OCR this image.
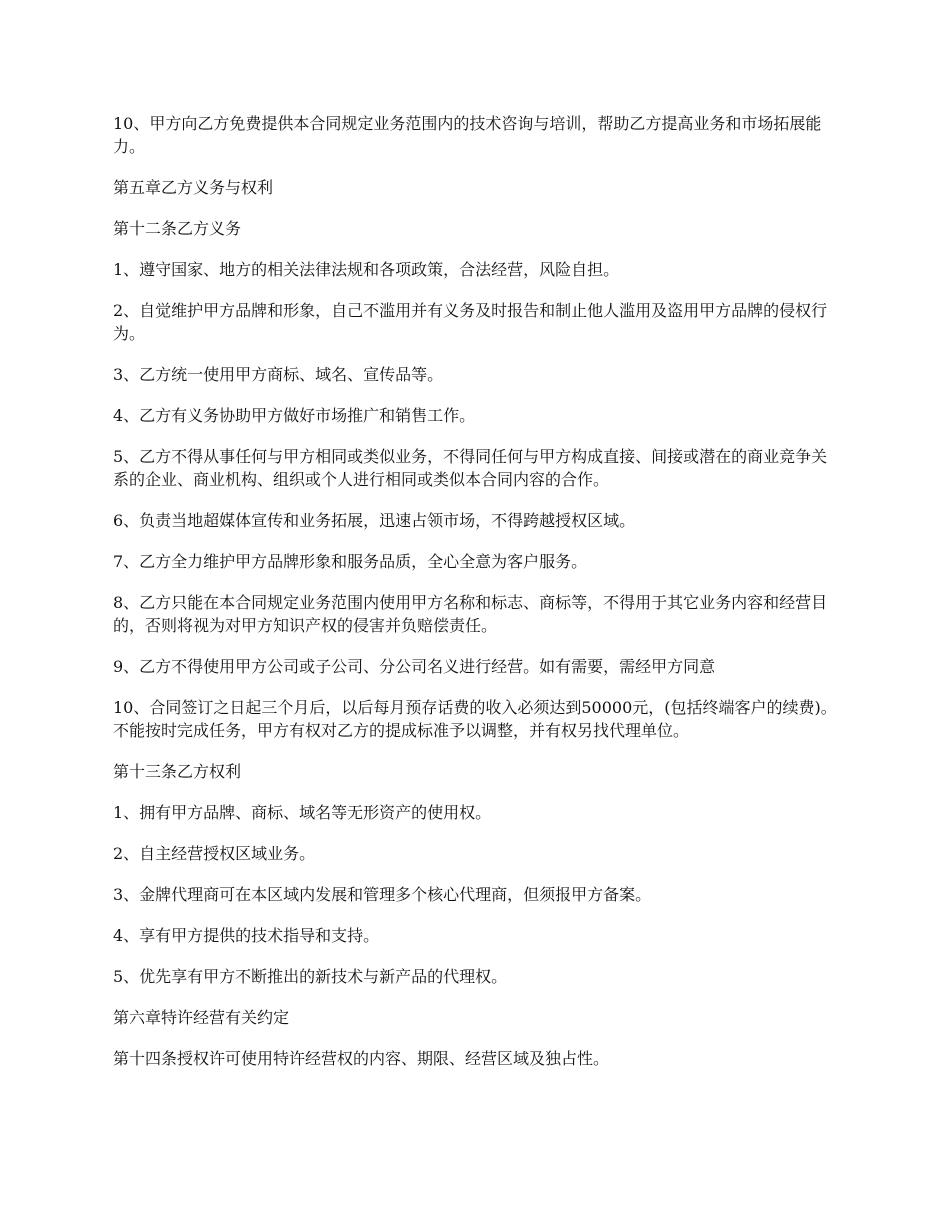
10、甲方向乙方免费提供本合同规定业务范围内的技术咨询与培训，帮助乙方提高业务和市场拓展能力。

第五章乙方义务与权利

第十二条乙方义务

1、遵守国家、地方的相关法律法规和各项政策，合法经营，风险自担。

2、自觉维护甲方品牌和形象，自己不滥用并有义务及时报告和制止他人滥用及盗用甲方品牌的侵权行为。

3、乙方统一使用甲方商标、域名、宣传品等。

4、乙方有义务协助甲方做好市场推广和销售工作。

5、乙方不得从事任何与甲方相同或类似业务，不得同任何与甲方构成直接、间接或潜在的商业竞争关系的企业、商业机构、组织或个人进行相同或类似本合同内容的合作。

6、负责当地超媒体宣传和业务拓展，迅速占领市场，不得跨越授权区域。

7、乙方全力维护甲方品牌形象和服务品质，全心全意为客户服务。

8、乙方只能在本合同规定业务范围内使用甲方名称和标志、商标等，不得用于其它业务内容和经营目的，否则将视为对甲方知识产权的侵害并负赔偿责任。

9、乙方不得使用甲方公司或子公司、分公司名义进行经营。如有需要，需经甲方同意

10、合同签订之日起三个月后，以后每月预存话费的收入必须达到50000元，(包括终端客户的续费)。不能按时完成任务，甲方有权对乙方的提成标准予以调整，并有权另找代理单位。

第十三条乙方权利

1、拥有甲方品牌、商标、域名等无形资产的使用权。

2、自主经营授权区域业务。

3、金牌代理商可在本区域内发展和管理多个核心代理商，但须报甲方备案。

4、享有甲方提供的技术指导和支持。

5、优先享有甲方不断推出的新技术与新产品的代理权。

第六章特许经营有关约定

第十四条授权许可使用特许经营权的内容、期限、经营区域及独占性。
